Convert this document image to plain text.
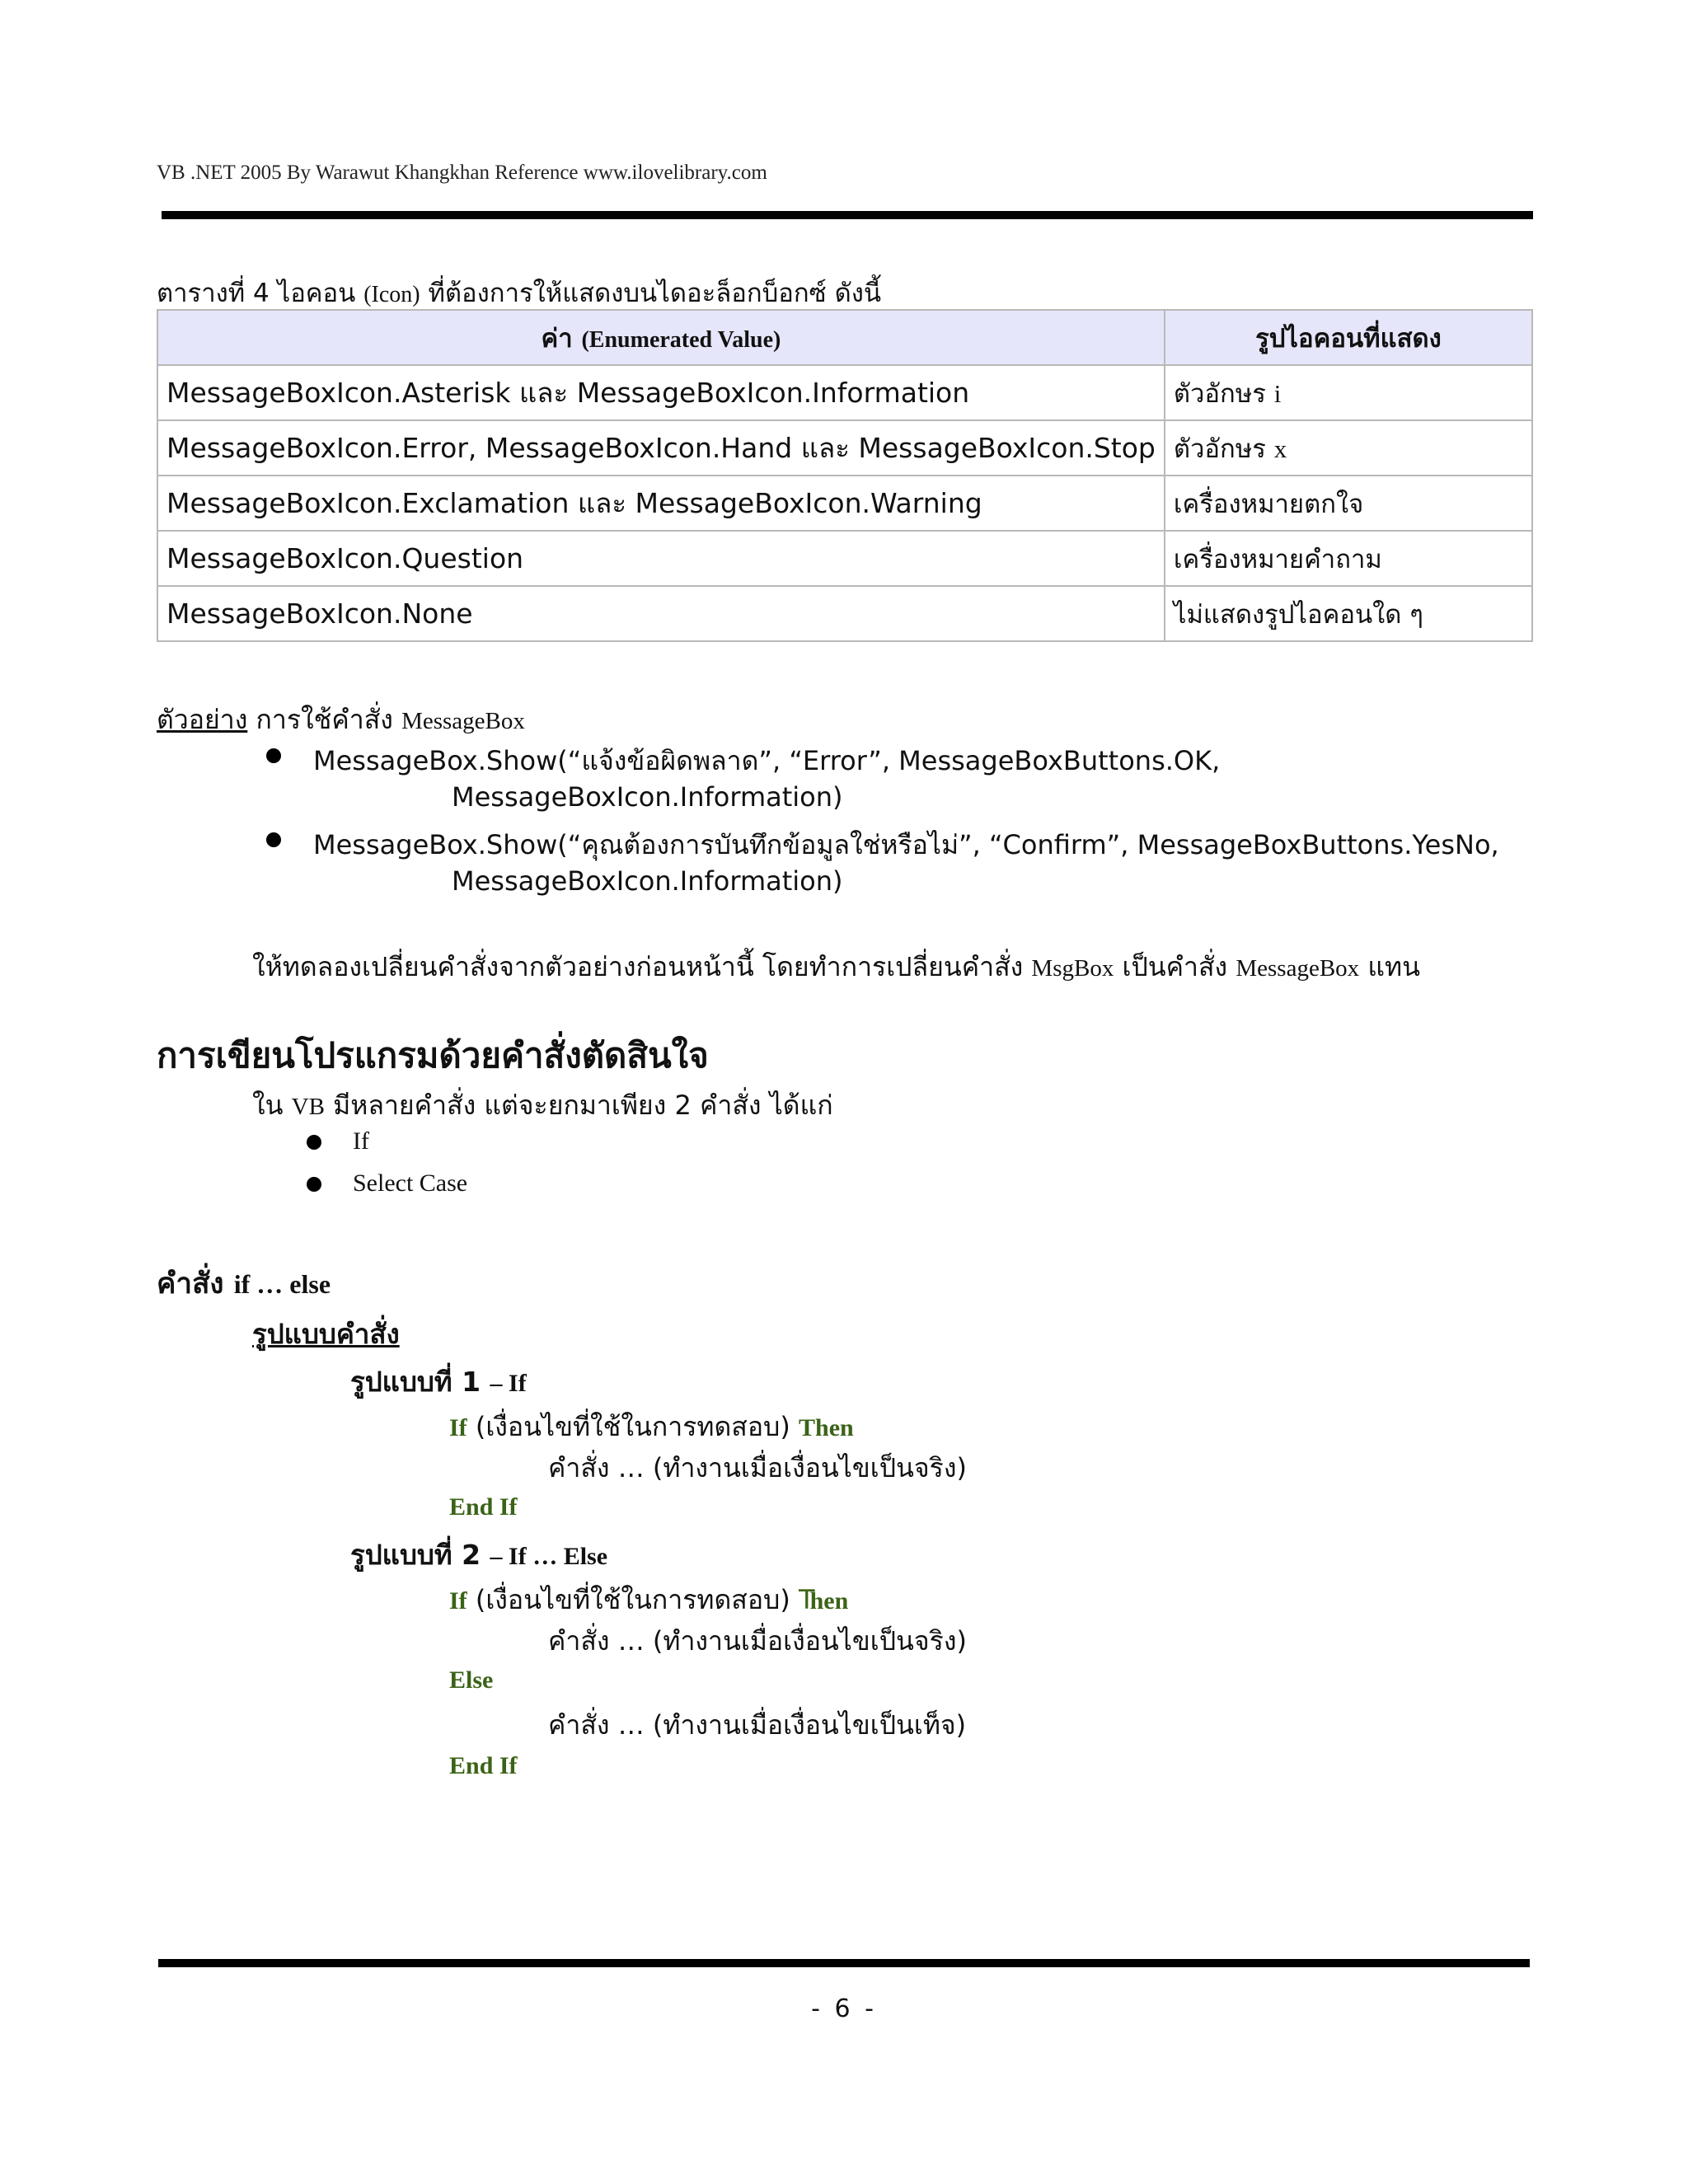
VB .NET 2005 By Warawut Khangkhan Reference www.ilovelibrary.com
ตารางที่ 4 ไอคอน (Icon) ที่ต้องการให้แสดงบนไดอะล็อกบ็อกซ์ ดังนี้
ค่า (Enumerated Value)	รูปไอคอนที่แสดง
MessageBoxIcon.Asterisk และ MessageBoxIcon.Information	ตัวอักษร i
MessageBoxIcon.Error, MessageBoxIcon.Hand และ MessageBoxIcon.Stop	ตัวอักษร x
MessageBoxIcon.Exclamation และ MessageBoxIcon.Warning	เครื่องหมายตกใจ
MessageBoxIcon.Question	เครื่องหมายคำถาม
MessageBoxIcon.None	ไม่แสดงรูปไอคอนใด ๆ
ตัวอย่าง การใช้คำสั่ง MessageBox
MessageBox.Show(“แจ้งข้อผิดพลาด”, “Error”, MessageBoxButtons.OK,
MessageBoxIcon.Information)
MessageBox.Show(“คุณต้องการบันทึกข้อมูลใช่หรือไม่”, “Confirm”, MessageBoxButtons.YesNo,
MessageBoxIcon.Information)
ให้ทดลองเปลี่ยนคำสั่งจากตัวอย่างก่อนหน้านี้ โดยทำการเปลี่ยนคำสั่ง MsgBox เป็นคำสั่ง MessageBox แทน
การเขียนโปรแกรมด้วยคำสั่งตัดสินใจ
ใน VB มีหลายคำสั่ง แต่จะยกมาเพียง 2 คำสั่ง ได้แก่
If
Select Case
คำสั่ง if … else
รูปแบบคำสั่ง
รูปแบบที่ 1 – If
If (เงื่อนไขที่ใช้ในการทดสอบ) Then
คำสั่ง … (ทำงานเมื่อเงื่อนไขเป็นจริง)
End If
รูปแบบที่ 2 – If … Else
If (เงื่อนไขที่ใช้ในการทดสอบ) Then
คำสั่ง … (ทำงานเมื่อเงื่อนไขเป็นจริง)
Else
คำสั่ง … (ทำงานเมื่อเงื่อนไขเป็นเท็จ)
End If
- 6 -
